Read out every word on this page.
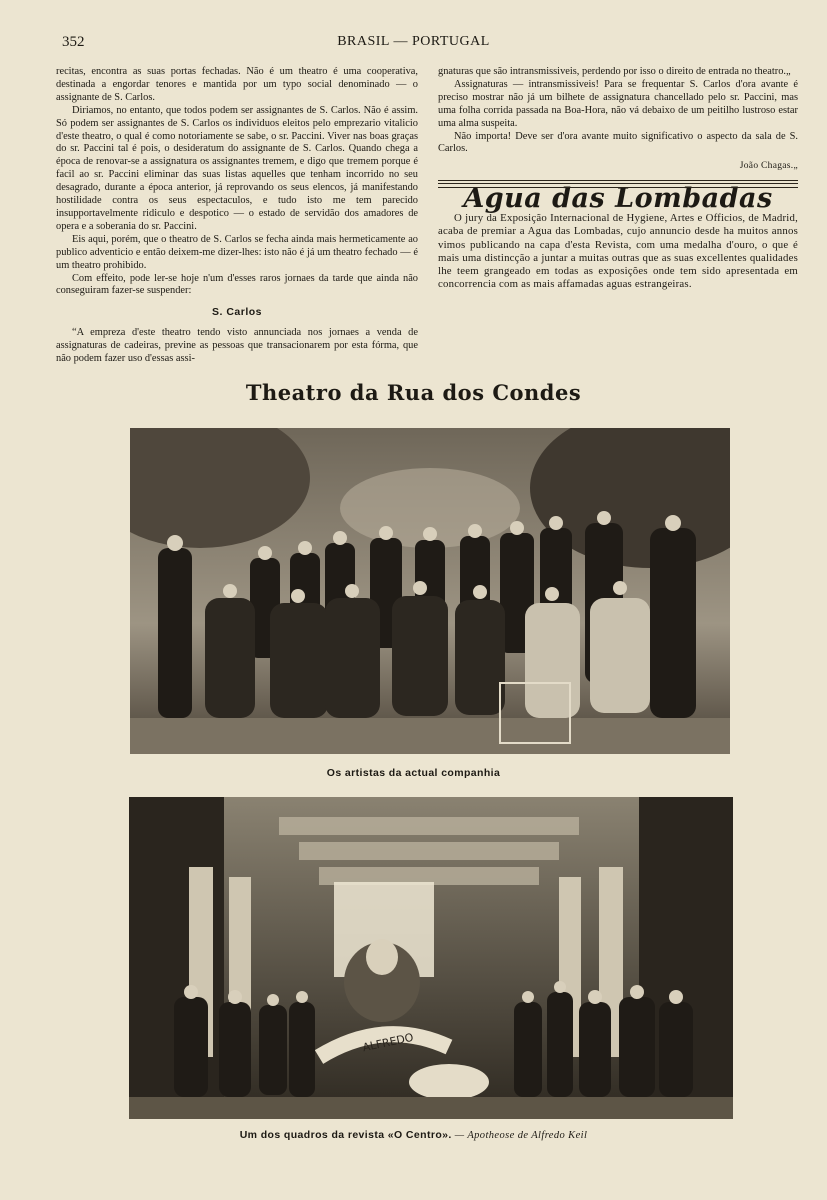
352	BRASIL — PORTUGAL

recitas, encontra as suas portas fechadas. Não é um theatro é uma cooperativa, destinada a engordar tenores e mantida por um typo social denominado — o assignante de S. Carlos.

Diriamos, no entanto, que todos podem ser assignantes de S. Carlos. Não é assim. Só podem ser assignantes de S. Carlos os individuos eleitos pelo emprezario vitalicio d'este theatro, o qual é como notoriamente se sabe, o sr. Paccini. Viver nas boas graças do sr. Paccini tal é pois, o desideratum do assignante de S. Carlos. Quando chega a época de renovar-se a assignatura os assignantes tremem, e digo que tremem porque é facil ao sr. Paccini eliminar das suas listas aquelles que tenham incorrido no seu desagrado, durante a época anterior, já reprovando os seus elencos, já manifestando hostilidade contra os seus espectaculos, e tudo isto me tem parecido insupportavelmente ridiculo e despotico — o estado de servidão dos amadores de opera e a soberania do sr. Paccini.

Eis aqui, porém, que o theatro de S. Carlos se fecha ainda mais hermeticamente ao publico adventicio e então deixem-me dizer-lhes: isto não é já um theatro fechado — é um theatro prohibido.

Com effeito, pode ler-se hoje n'um d'esses raros jornaes da tarde que ainda não conseguiram fazer-se suspender:

S. Carlos

“A empreza d'este theatro tendo visto annunciada nos jornaes a venda de assignaturas de cadeiras, previne as pessoas que transacionarem por esta fórma, que não podem fazer uso d'essas assi-

gnaturas que são intransmissiveis, perdendo por isso o direito de entrada no theatro.„

Assignaturas — intransmissiveis! Para se frequentar S. Carlos d'ora avante é preciso mostrar não já um bilhete de assignatura chancellado pelo sr. Paccini, mas uma folha corrida passada na Boa-Hora, não vá debaixo de um peitilho lustroso estar uma alma suspeita.

Não importa! Deve ser d'ora avante muito significativo o aspecto da sala de S. Carlos.

João Chagas.„
Agua das Lombadas

O jury da Exposição Internacional de Hygiene, Artes e Officios, de Madrid, acaba de premiar a Agua das Lombadas, cujo annuncio desde ha muitos annos vimos publicando na capa d'esta Revista, com uma medalha d'ouro, o que é mais uma distincção a juntar a muitas outras que as suas excellentes qualidades lhe teem grangeado em todas as exposições onde tem sido apresentada em concorrencia com as mais affamadas aguas estrangeiras.

Theatro da Rua dos Condes
Os artistas da actual companhia
ALFREDO
Um dos quadros da revista «O Centro». — Apotheose de Alfredo Keil
